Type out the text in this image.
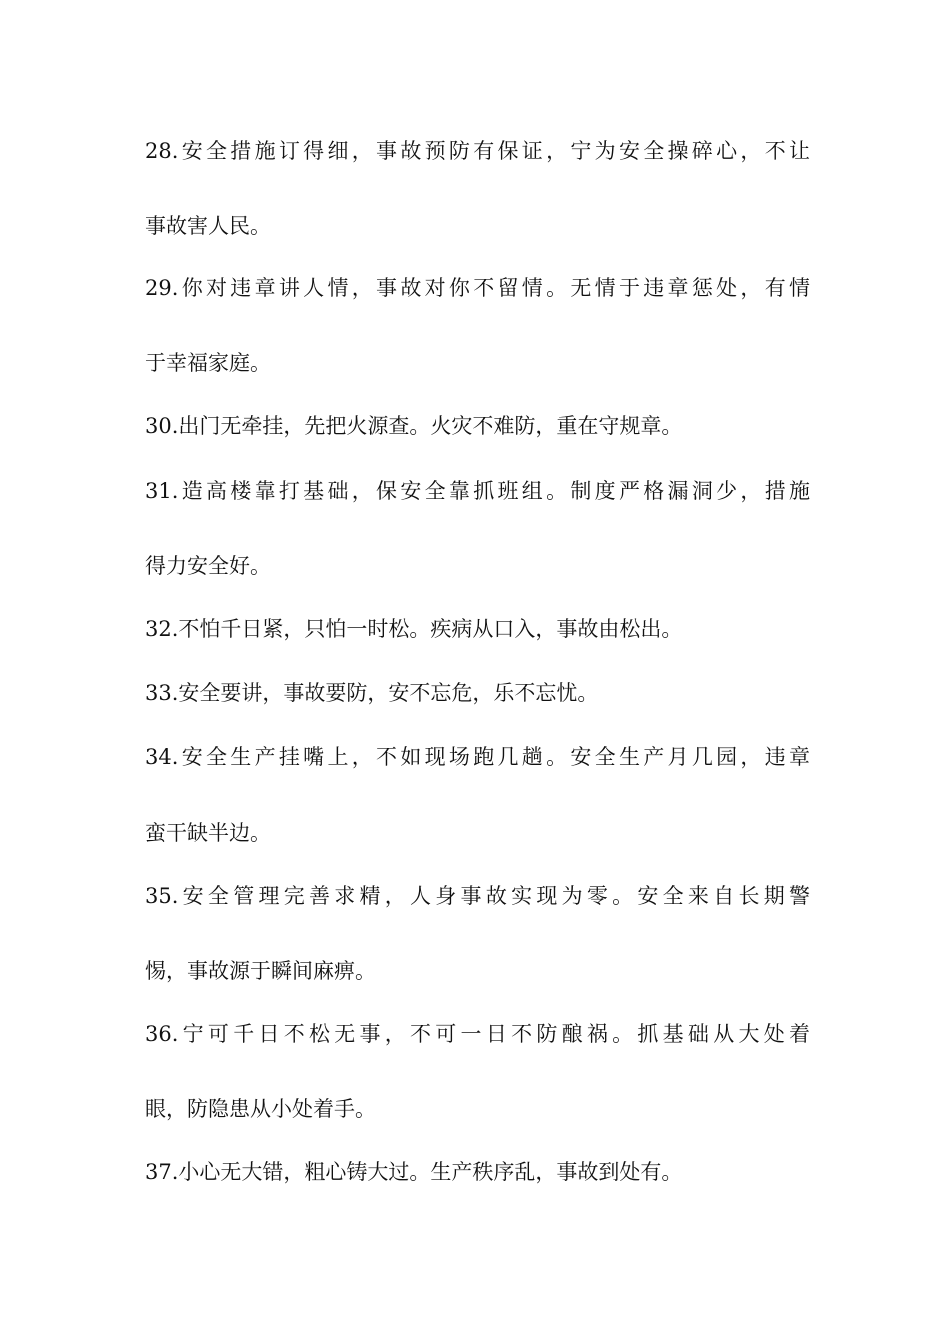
28.安全措施订得细，事故预防有保证，宁为安全操碎心，不让
事故害人民。
29.你对违章讲人情，事故对你不留情。无情于违章惩处，有情
于幸福家庭。
30.出门无牵挂，先把火源查。火灾不难防，重在守规章。
31.造高楼靠打基础，保安全靠抓班组。制度严格漏洞少，措施
得力安全好。
32.不怕千日紧，只怕一时松。疾病从口入，事故由松出。
33.安全要讲，事故要防，安不忘危，乐不忘忧。
34.安全生产挂嘴上，不如现场跑几趟。安全生产月几园，违章
蛮干缺半边。
35.安全管理完善求精，人身事故实现为零。安全来自长期警
惕，事故源于瞬间麻痹。
36.宁可千日不松无事，不可一日不防酿祸。抓基础从大处着
眼，防隐患从小处着手。
37.小心无大错，粗心铸大过。生产秩序乱，事故到处有。
